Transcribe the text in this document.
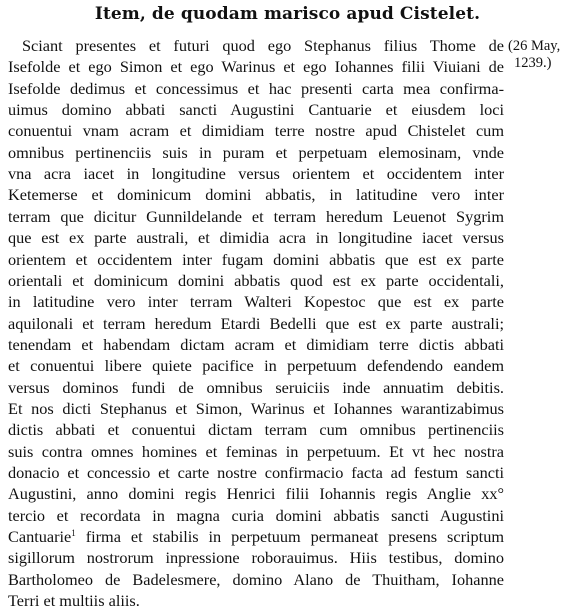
Item, de quodam marisco apud Cistelet.
(26 May,
1239.)
Sciant presentes et futuri quod ego Stephanus filius Thome de
Isefolde et ego Simon et ego Warinus et ego Iohannes filii Viuiani de
Isefolde dedimus et concessimus et hac presenti carta mea confirma-
uimus domino abbati sancti Augustini Cantuarie et eiusdem loci
conuentui vnam acram et dimidiam terre nostre apud Chistelet cum
omnibus pertinenciis suis in puram et perpetuam elemosinam, vnde
vna acra iacet in longitudine versus orientem et occidentem inter
Ketemerse et dominicum domini abbatis, in latitudine vero inter
terram que dicitur Gunnildelande et terram heredum Leuenot Sygrim
que est ex parte australi, et dimidia acra in longitudine iacet versus
orientem et occidentem inter fugam domini abbatis que est ex parte
orientali et dominicum domini abbatis quod est ex parte occidentali,
in latitudine vero inter terram Walteri Kopestoc que est ex parte
aquilonali et terram heredum Etardi Bedelli que est ex parte australi;
tenendam et habendam dictam acram et dimidiam terre dictis abbati
et conuentui libere quiete pacifice in perpetuum defendendo eandem
versus dominos fundi de omnibus seruiciis inde annuatim debitis.
Et nos dicti Stephanus et Simon, Warinus et Iohannes warantizabimus
dictis abbati et conuentui dictam terram cum omnibus pertinenciis
suis contra omnes homines et feminas in perpetuum. Et vt hec nostra
donacio et concessio et carte nostre confirmacio facta ad festum sancti
Augustini, anno domini regis Henrici filii Iohannis regis Anglie xx°
tercio et recordata in magna curia domini abbatis sancti Augustini
Cantuarie$^1$ firma et stabilis in perpetuum permaneat presens scriptum
sigillorum nostrorum inpressione roborauimus. Hiis testibus, domino
Bartholomeo de Badelesmere, domino Alano de Thuitham, Iohanne
Terri et multiis aliis.
